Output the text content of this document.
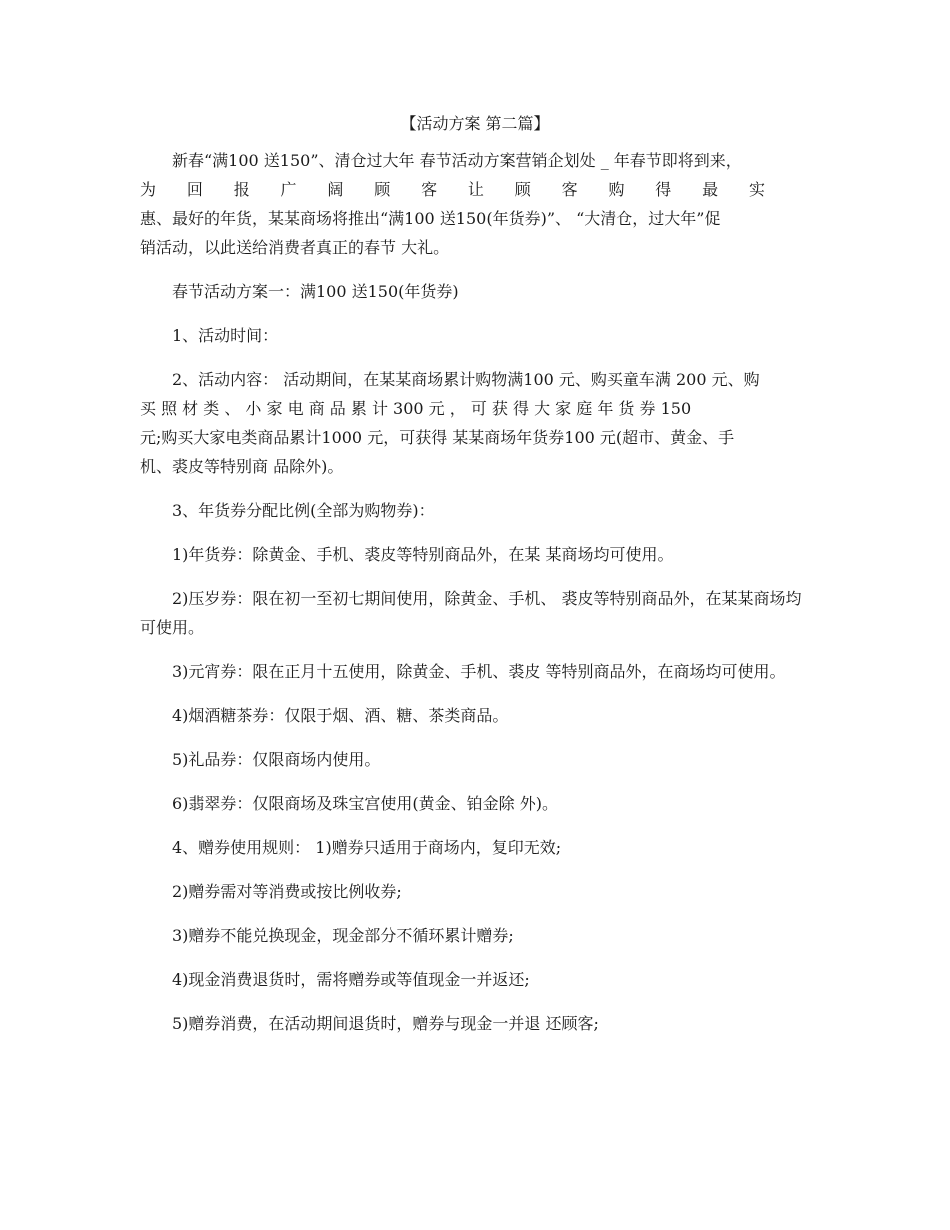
【活动方案 第二篇】

新春“满100 送150”、清仓过大年 春节活动方案营销企划处 _ 年春节即将到来，

为 回 报 广 阔 顾 客 让 顾 客 购 得 最 实

惠、最好的年货，某某商场将推出“满100 送150(年货券)”、 “大清仓，过大年”促

销活动，以此送给消费者真正的春节 大礼。

春节活动方案一：满100 送150(年货券)

1、活动时间：

2、活动内容： 活动期间，在某某商场累计购物满100 元、购买童车满 200 元、购

买 照 材 类 、 小 家 电 商 品 累 计 300 元 ， 可 获 得 大 家 庭 年 货 券 150

元;购买大家电类商品累计1000 元，可获得 某某商场年货券100 元(超市、黄金、手

机、裘皮等特别商 品除外)。

3、年货券分配比例(全部为购物券)：

1)年货券：除黄金、手机、裘皮等特别商品外，在某 某商场均可使用。

2)压岁券：限在初一至初七期间使用，除黄金、手机、 裘皮等特别商品外，在某某商场均可使用。

3)元宵券：限在正月十五使用，除黄金、手机、裘皮 等特别商品外，在商场均可使用。

4)烟酒糖茶券：仅限于烟、酒、糖、茶类商品。

5)礼品券：仅限商场内使用。

6)翡翠券：仅限商场及珠宝宫使用(黄金、铂金除 外)。

4、赠券使用规则： 1)赠券只适用于商场内，复印无效;

2)赠券需对等消费或按比例收券;

3)赠券不能兑换现金，现金部分不循环累计赠券;

4)现金消费退货时，需将赠券或等值现金一并返还;

5)赠券消费，在活动期间退货时，赠券与现金一并退 还顾客;
